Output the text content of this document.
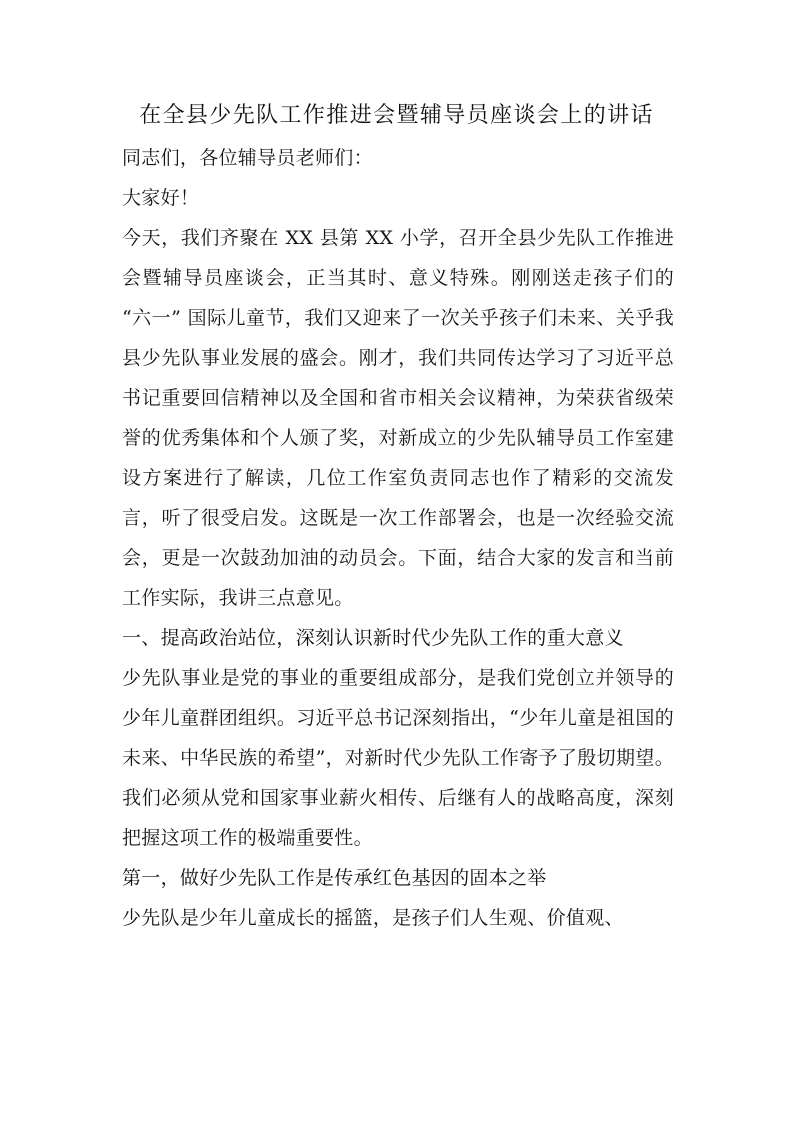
在全县少先队工作推进会暨辅导员座谈会上的讲话

同志们，各位辅导员老师们：

大家好！

今天，我们齐聚在 XX 县第 XX 小学，召开全县少先队工作推进会暨辅导员座谈会，正当其时、意义特殊。刚刚送走孩子们的 “六一” 国际儿童节，我们又迎来了一次关乎孩子们未来、关乎我县少先队事业发展的盛会。刚才，我们共同传达学习了习近平总书记重要回信精神以及全国和省市相关会议精神，为荣获省级荣誉的优秀集体和个人颁了奖，对新成立的少先队辅导员工作室建设方案进行了解读，几位工作室负责同志也作了精彩的交流发言，听了很受启发。这既是一次工作部署会，也是一次经验交流会，更是一次鼓劲加油的动员会。下面，结合大家的发言和当前工作实际，我讲三点意见。

一、提高政治站位，深刻认识新时代少先队工作的重大意义

少先队事业是党的事业的重要组成部分，是我们党创立并领导的少年儿童群团组织。习近平总书记深刻指出，“少年儿童是祖国的未来、中华民族的希望”，对新时代少先队工作寄予了殷切期望。我们必须从党和国家事业薪火相传、后继有人的战略高度，深刻把握这项工作的极端重要性。

第一，做好少先队工作是传承红色基因的固本之举

少先队是少年儿童成长的摇篮，是孩子们人生观、价值观、
